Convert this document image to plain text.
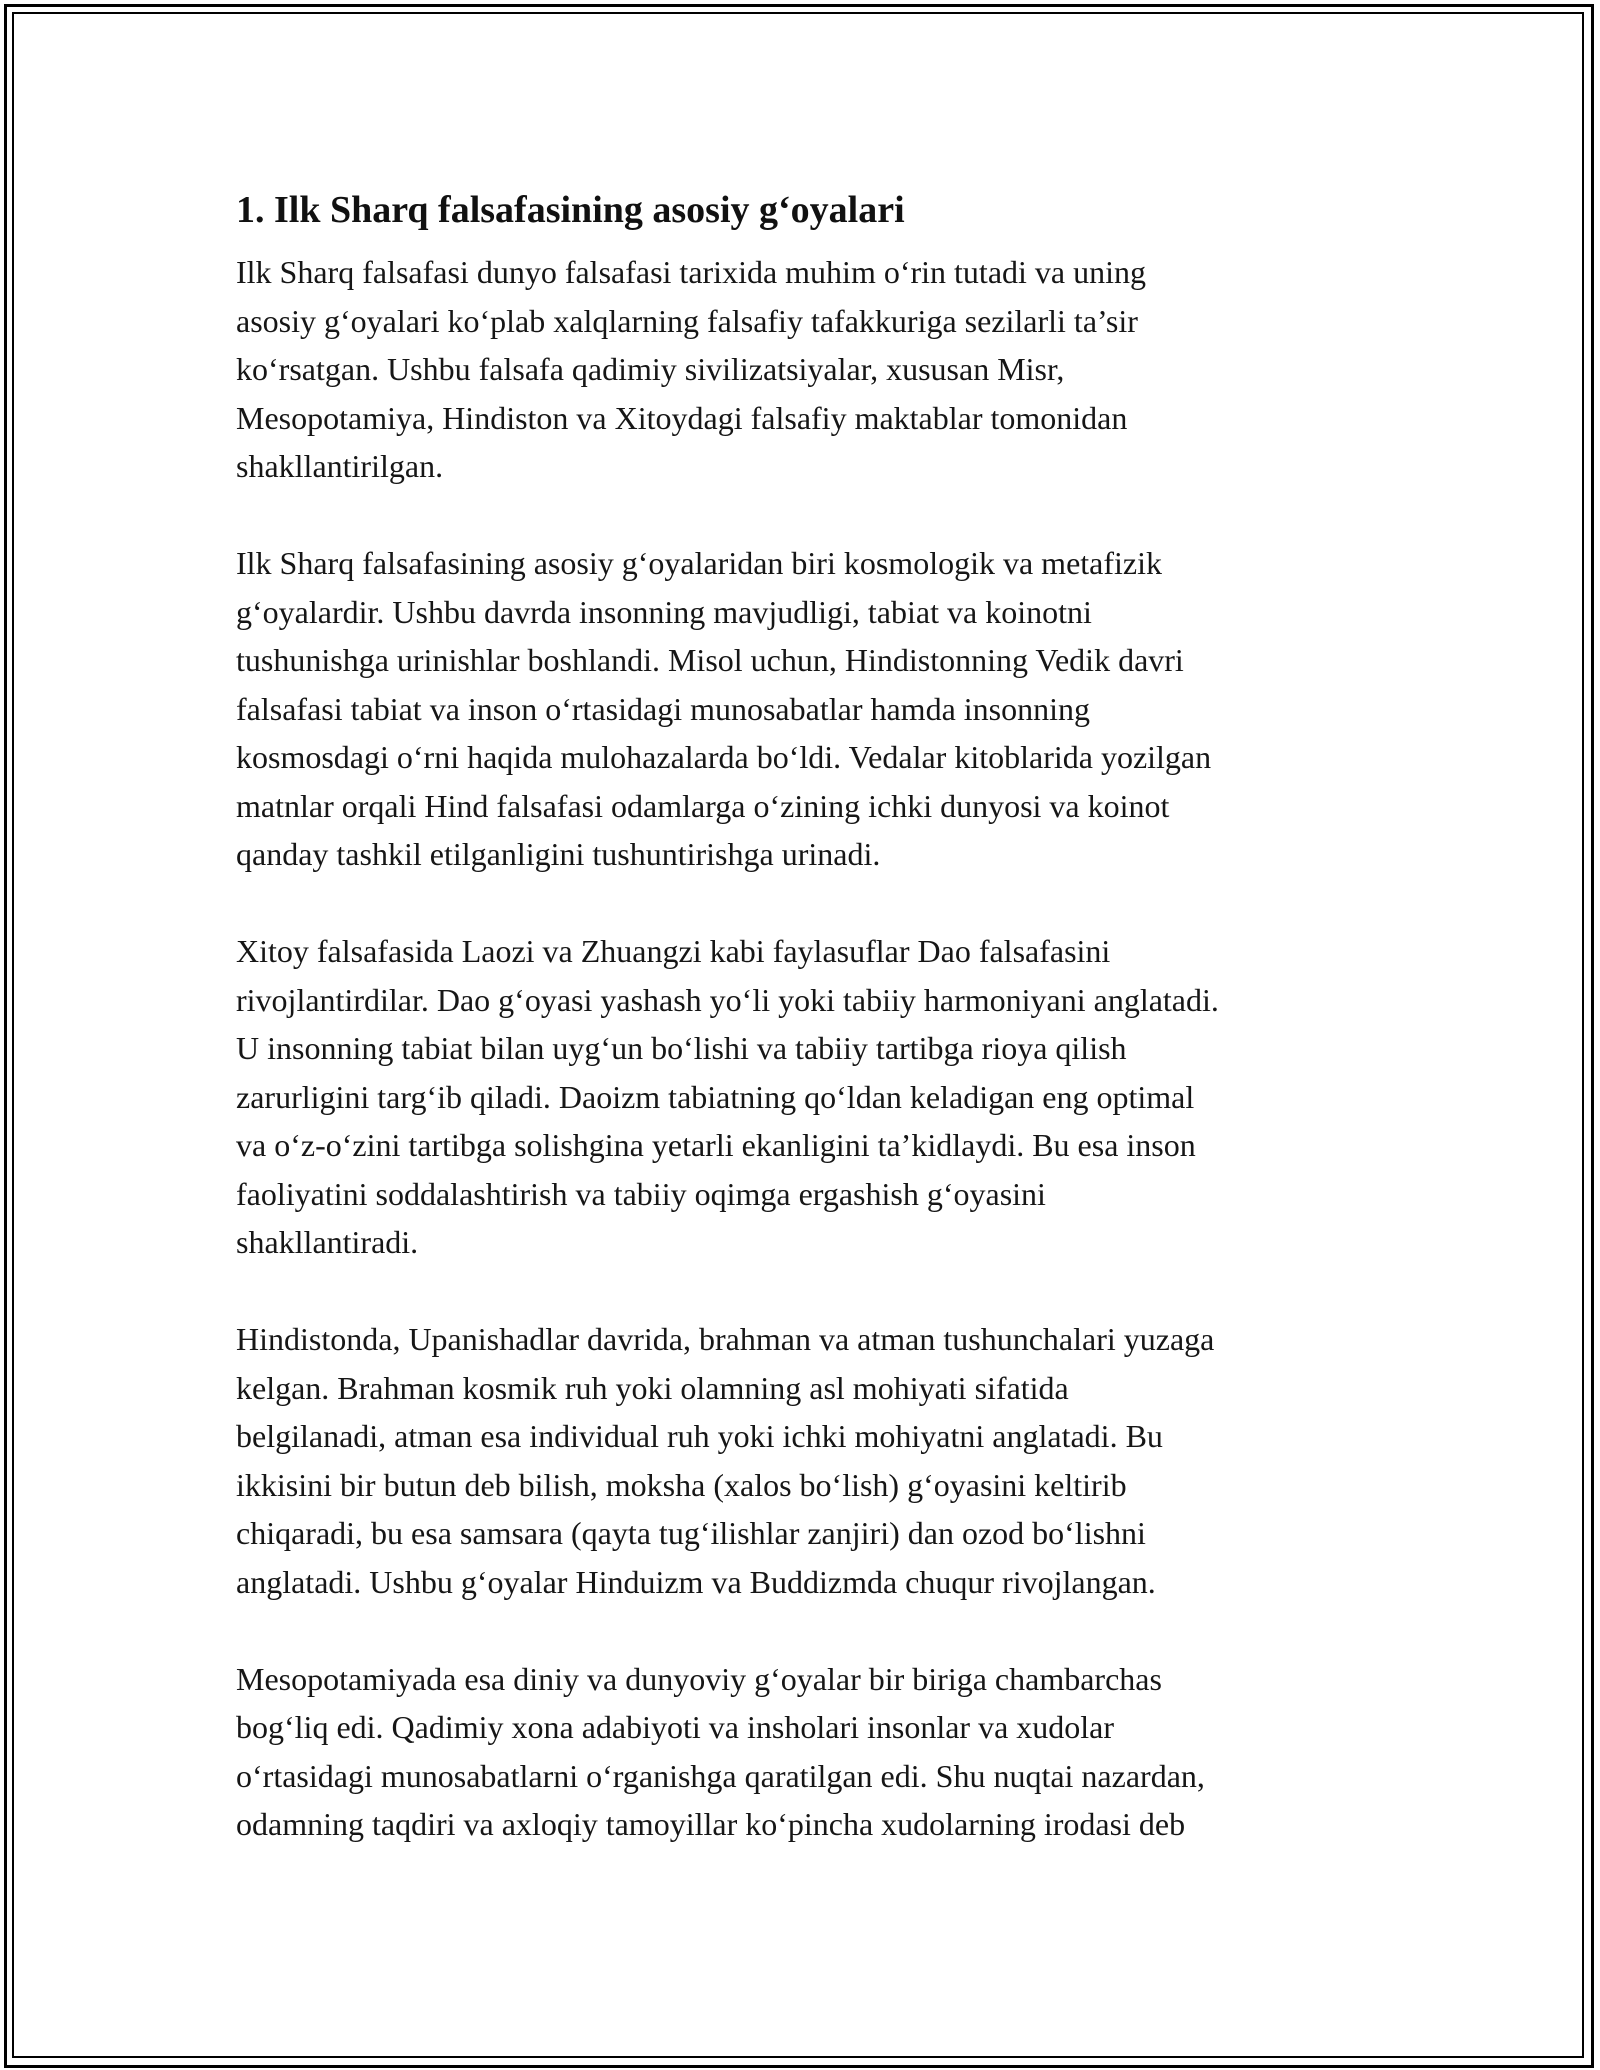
1. Ilk Sharq falsafasining asosiy g‘oyalari

Ilk Sharq falsafasi dunyo falsafasi tarixida muhim o‘rin tutadi va uning
asosiy g‘oyalari ko‘plab xalqlarning falsafiy tafakkuriga sezilarli ta’sir
ko‘rsatgan. Ushbu falsafa qadimiy sivilizatsiyalar, xususan Misr,
Mesopotamiya, Hindiston va Xitoydagi falsafiy maktablar tomonidan
shakllantirilgan.

Ilk Sharq falsafasining asosiy g‘oyalaridan biri kosmologik va metafizik
g‘oyalardir. Ushbu davrda insonning mavjudligi, tabiat va koinotni
tushunishga urinishlar boshlandi. Misol uchun, Hindistonning Vedik davri
falsafasi tabiat va inson o‘rtasidagi munosabatlar hamda insonning
kosmosdagi o‘rni haqida mulohazalarda bo‘ldi. Vedalar kitoblarida yozilgan
matnlar orqali Hind falsafasi odamlarga o‘zining ichki dunyosi va koinot
qanday tashkil etilganligini tushuntirishga urinadi.

Xitoy falsafasida Laozi va Zhuangzi kabi faylasuflar Dao falsafasini
rivojlantirdilar. Dao g‘oyasi yashash yo‘li yoki tabiiy harmoniyani anglatadi.
U insonning tabiat bilan uyg‘un bo‘lishi va tabiiy tartibga rioya qilish
zarurligini targ‘ib qiladi. Daoizm tabiatning qo‘ldan keladigan eng optimal
va o‘z-o‘zini tartibga solishgina yetarli ekanligini ta’kidlaydi. Bu esa inson
faoliyatini soddalashtirish va tabiiy oqimga ergashish g‘oyasini
shakllantiradi.

Hindistonda, Upanishadlar davrida, brahman va atman tushunchalari yuzaga
kelgan. Brahman kosmik ruh yoki olamning asl mohiyati sifatida
belgilanadi, atman esa individual ruh yoki ichki mohiyatni anglatadi. Bu
ikkisini bir butun deb bilish, moksha (xalos bo‘lish) g‘oyasini keltirib
chiqaradi, bu esa samsara (qayta tug‘ilishlar zanjiri) dan ozod bo‘lishni
anglatadi. Ushbu g‘oyalar Hinduizm va Buddizmda chuqur rivojlangan.

Mesopotamiyada esa diniy va dunyoviy g‘oyalar bir biriga chambarchas
bog‘liq edi. Qadimiy xona adabiyoti va insholari insonlar va xudolar
o‘rtasidagi munosabatlarni o‘rganishga qaratilgan edi. Shu nuqtai nazardan,
odamning taqdiri va axloqiy tamoyillar ko‘pincha xudolarning irodasi deb
